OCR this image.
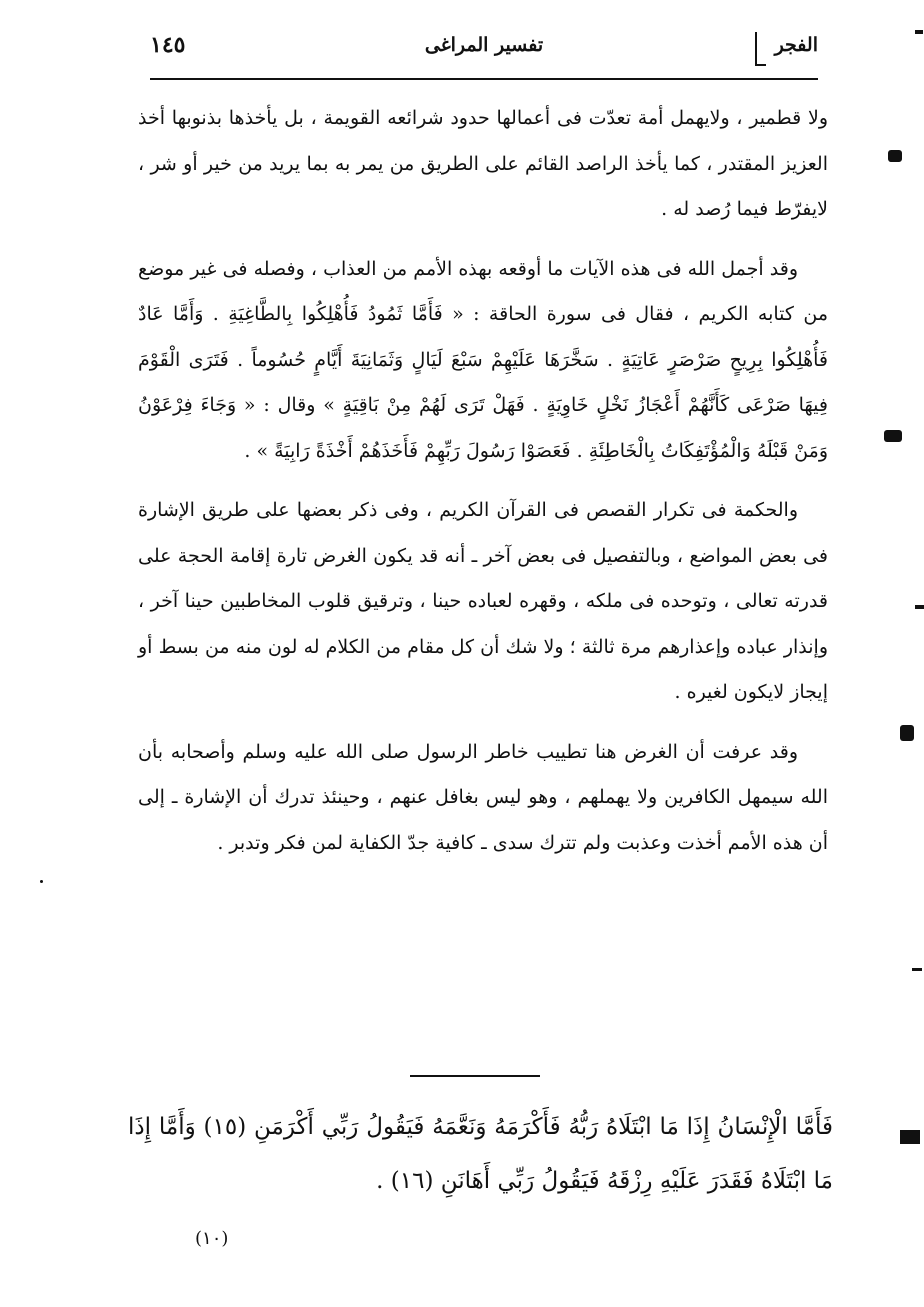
الفجر
تفسير المراغى
١٤٥

ولا قطمير ، ولايهمل أمة تعدّت فى أعمالها حدود شرائعه القويمة ، بل يأخذها بذنوبها أخذ العزيز المقتدر ، كما يأخذ الراصد القائم على الطريق من يمر به بما يريد من خير أو شر ، لايفرّط فيما رُصد له .

وقد أجمل الله فى هذه الآيات ما أوقعه بهذه الأمم من العذاب ، وفصله فى غير موضع من كتابه الكريم ، فقال فى سورة الحاقة : « فَأَمَّا ثَمُودُ فَأُهْلِكُوا بِالطَّاغِيَةِ . وَأَمَّا عَادٌ فَأُهْلِكُوا بِرِيحٍ صَرْصَرٍ عَاتِيَةٍ . سَخَّرَهَا عَلَيْهِمْ سَبْعَ لَيَالٍ وَثَمَانِيَةَ أَيَّامٍ حُسُوماً . فَتَرَى الْقَوْمَ فِيهَا صَرْعَى كَأَنَّهُمْ أَعْجَازُ نَخْلٍ خَاوِيَةٍ . فَهَلْ تَرَى لَهُمْ مِنْ بَاقِيَةٍ » وقال : « وَجَاءَ فِرْعَوْنُ وَمَنْ قَبْلَهُ وَالْمُؤْتَفِكَاتُ بِالْخَاطِئَةِ . فَعَصَوْا رَسُولَ رَبِّهِمْ فَأَخَذَهُمْ أَخْذَةً رَابِيَةً » .

والحكمة فى تكرار القصص فى القرآن الكريم ، وفى ذكر بعضها على طريق الإشارة فى بعض المواضع ، وبالتفصيل فى بعض آخر ـ أنه قد يكون الغرض تارة إقامة الحجة على قدرته تعالى ، وتوحده فى ملكه ، وقهره لعباده حينا ، وترقيق قلوب المخاطبين حينا آخر ، وإنذار عباده وإعذارهم مرة ثالثة ؛ ولا شك أن كل مقام من الكلام له لون منه من بسط أو إيجاز لايكون لغيره .

وقد عرفت أن الغرض هنا تطييب خاطر الرسول صلى الله عليه وسلم وأصحابه بأن الله سيمهل الكافرين ولا يهملهم ، وهو ليس بغافل عنهم ، وحينئذ تدرك أن الإشارة ـ إلى أن هذه الأمم أخذت وعذبت ولم تترك سدى ـ كافية جدّ الكفاية لمن فكر وتدبر .

فَأَمَّا الْإِنْسَانُ إِذَا مَا ابْتَلَاهُ رَبُّهُ فَأَكْرَمَهُ وَنَعَّمَهُ فَيَقُولُ رَبِّي أَكْرَمَنِ (١٥) وَأَمَّا إِذَا مَا ابْتَلَاهُ فَقَدَرَ عَلَيْهِ رِزْقَهُ فَيَقُولُ رَبِّي أَهَانَنِ (١٦) .
(١٠)
